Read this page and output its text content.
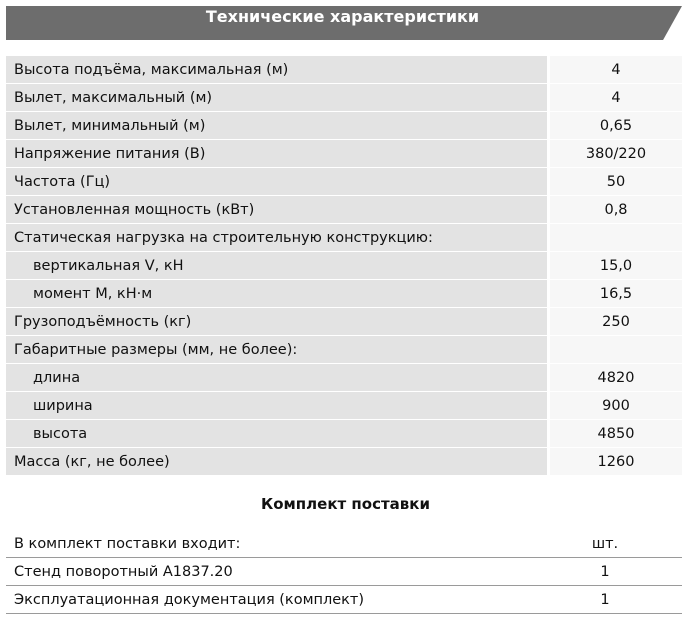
Технические характеристики
Высота подъёма, максимальная (м)	4
Вылет, максимальный (м)	4
Вылет, минимальный (м)	0,65
Напряжение питания (В)	380/220
Частота (Гц)	50
Установленная мощность (кВт)	0,8
Статическая нагрузка на строительную конструкцию:	
вертикальная V, кН	15,0
момент М, кН·м	16,5
Грузоподъёмность (кг)	250
Габаритные размеры (мм, не более):	
длина	4820
ширина	900
высота	4850
Масса (кг, не более)	1260
Комплект поставки
В комплект поставки входит:	шт.
Стенд поворотный А1837.20	1
Эксплуатационная документация (комплект)	1
